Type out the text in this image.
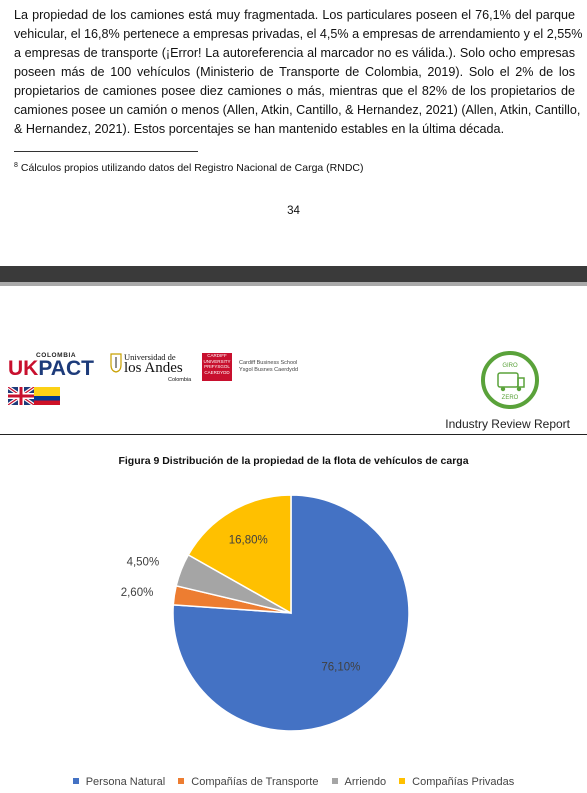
La propiedad de los camiones está muy fragmentada. Los particulares poseen el 76,1% del parque
vehicular, el 16,8% pertenece a empresas privadas, el 4,5% a empresas de arrendamiento y el 2,55%
a empresas de transporte (¡Error! La autoreferencia al marcador no es válida.). Solo ocho empresas
poseen más de 100 vehículos (Ministerio de Transporte de Colombia, 2019). Solo el 2% de los
propietarios de camiones posee diez camiones o más, mientras que el 82% de los propietarios de
camiones posee un camión o menos (Allen, Atkin, Cantillo, & Hernandez, 2021) (Allen, Atkin, Cantillo,
& Hernandez, 2021). Estos porcentajes se han mantenido estables en la última década.
$^8$ Cálculos propios utilizando datos del Registro Nacional de Carga (RNDC)
34
COLOMBIA
UKPACT	Universidad de
los Andes
Colombia
CARDIFF
UNIVERSITY
PRIFYSGOL
CAERDYDD
Cardiff Business School
Ysgol Busnes Caerdydd
GIRO
ZERO
Industry Review Report
Figura 9 Distribución de la propiedad de la flota de vehículos de carga
76,10%
2,60%
4,50%
16,80%
Persona Natural Compañías de Transporte Arriendo Compañías Privadas
